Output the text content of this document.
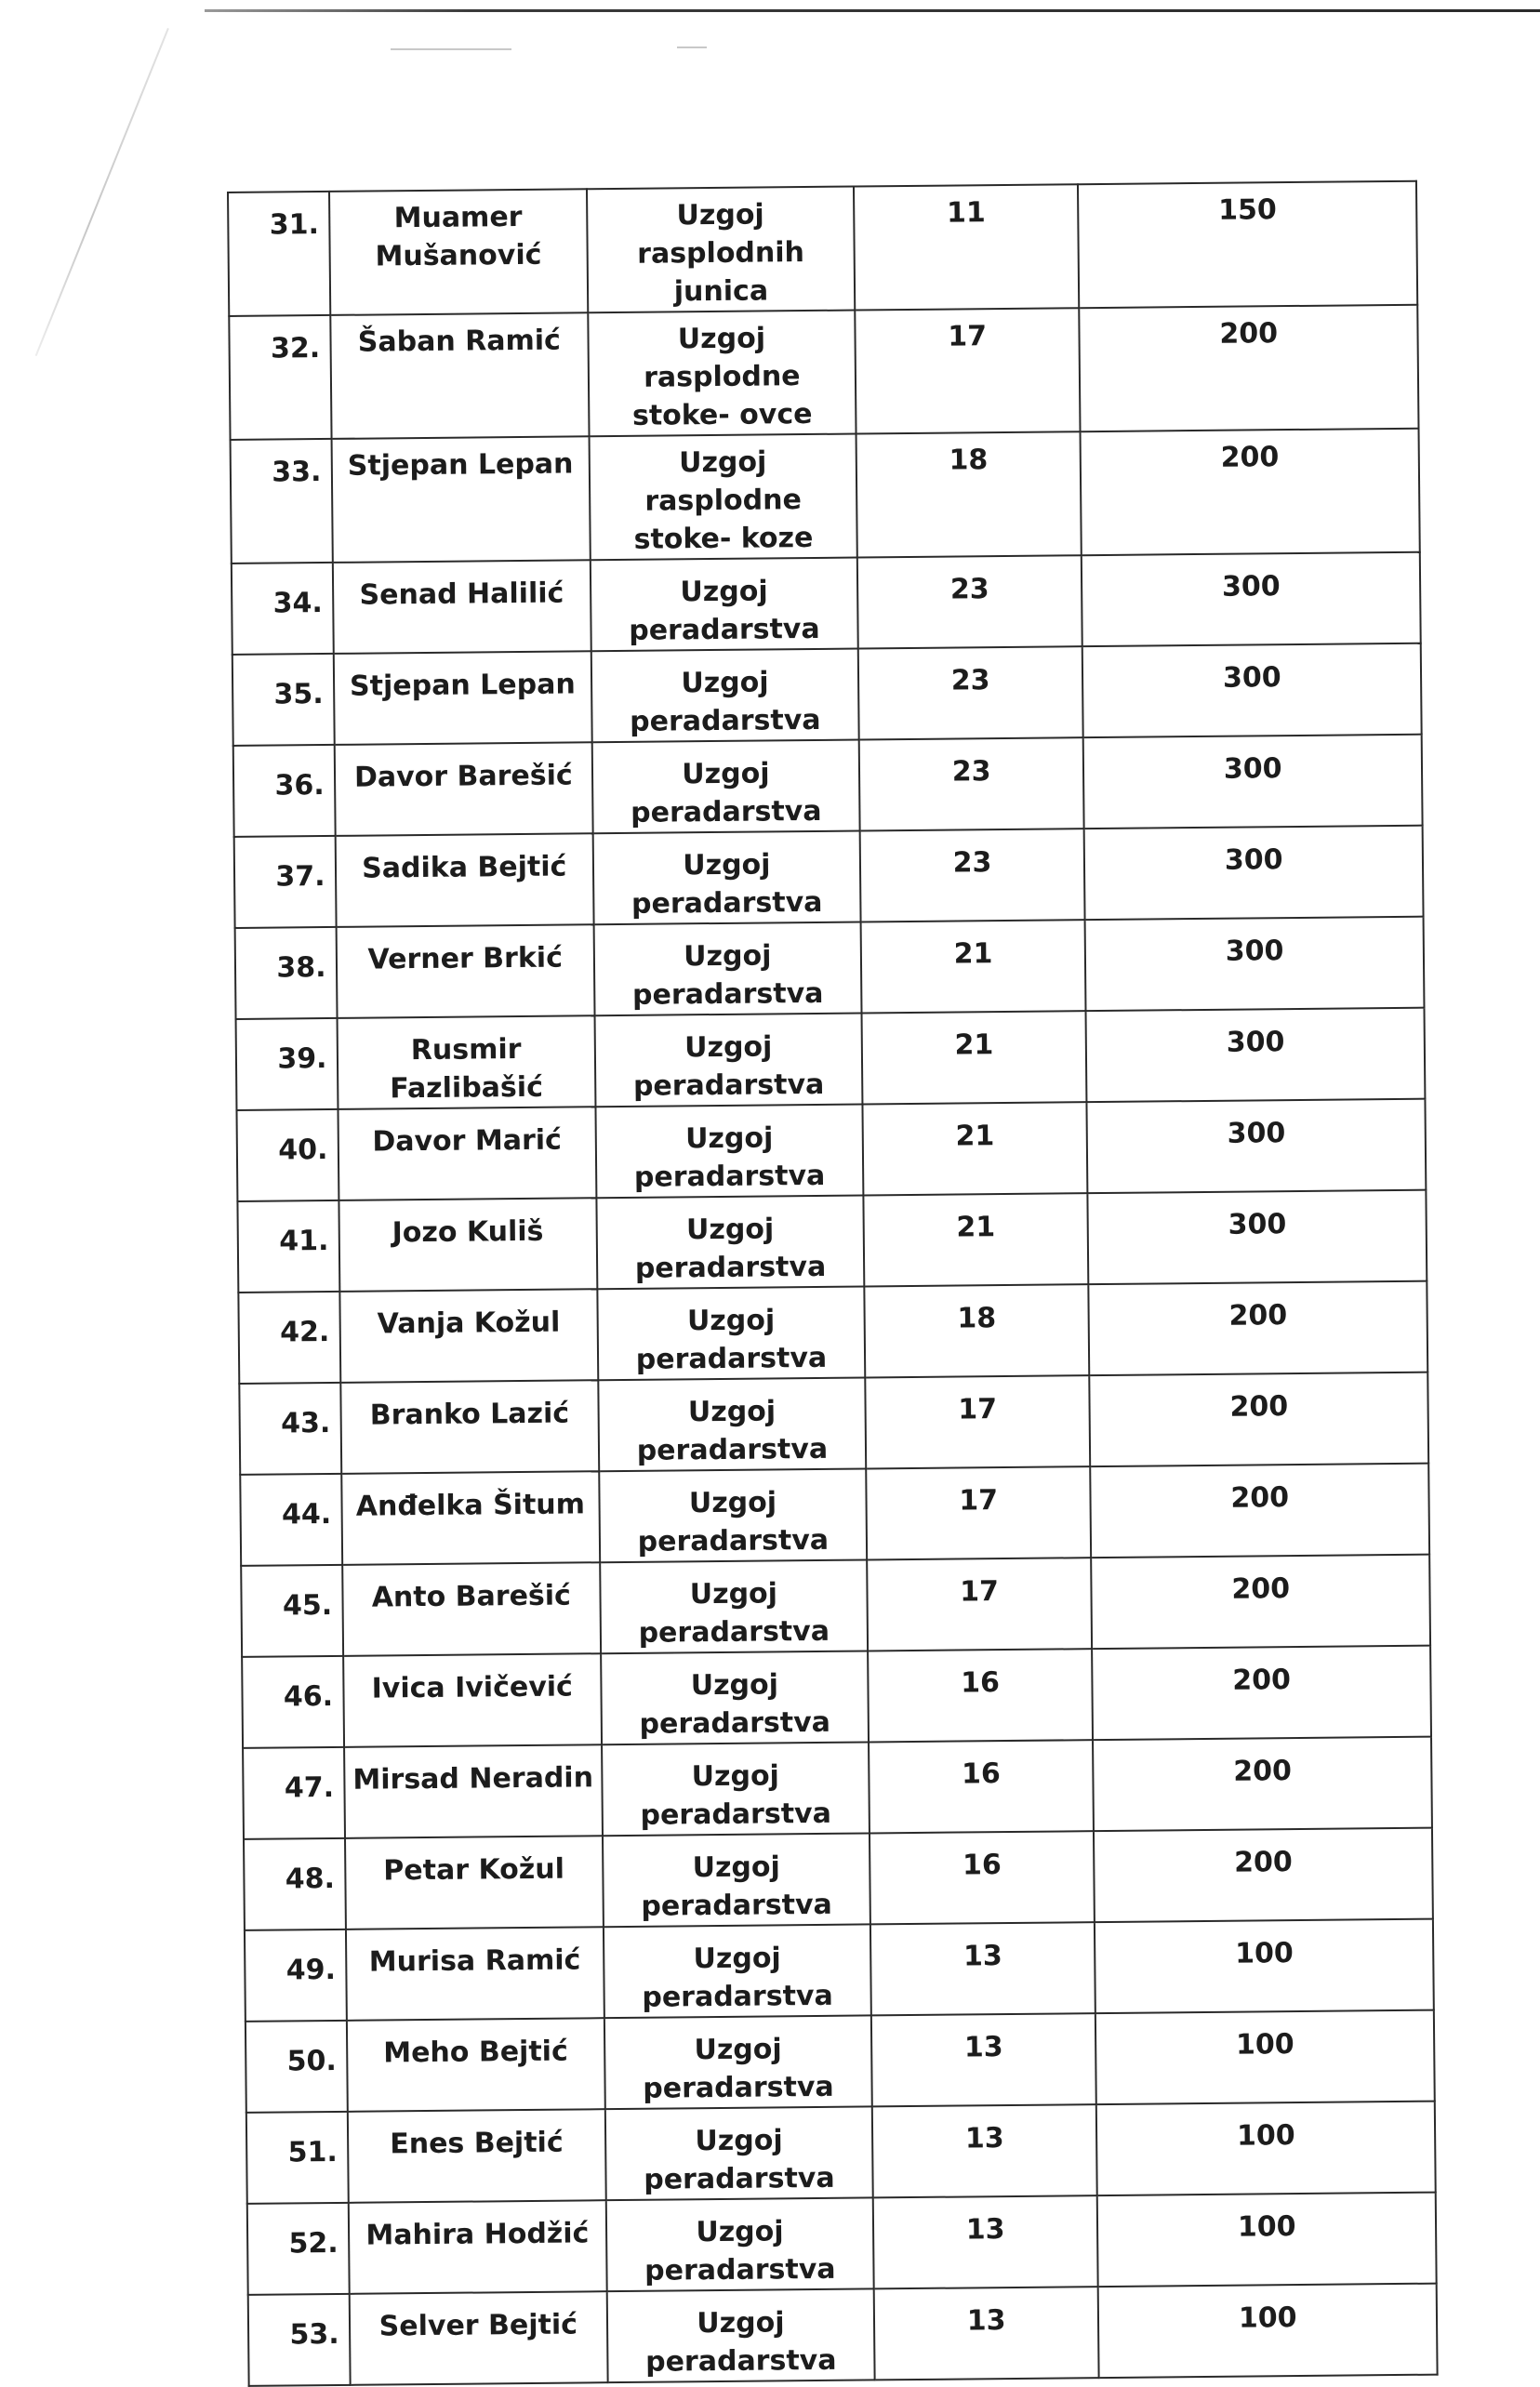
31.	Muamer Mušanović	Uzgoj rasplodnih junica	11	150
32.	Šaban Ramić	Uzgoj rasplodne stoke- ovce	17	200
33.	Stjepan Lepan	Uzgoj rasplodne stoke- koze	18	200
34.	Senad Halilić	Uzgoj peradarstva	23	300
35.	Stjepan Lepan	Uzgoj peradarstva	23	300
36.	Davor Barešić	Uzgoj peradarstva	23	300
37.	Sadika Bejtić	Uzgoj peradarstva	23	300
38.	Verner Brkić	Uzgoj peradarstva	21	300
39.	Rusmir Fazlibašić	Uzgoj peradarstva	21	300
40.	Davor Marić	Uzgoj peradarstva	21	300
41.	Jozo Kuliš	Uzgoj peradarstva	21	300
42.	Vanja Kožul	Uzgoj peradarstva	18	200
43.	Branko Lazić	Uzgoj peradarstva	17	200
44.	Anđelka Šitum	Uzgoj peradarstva	17	200
45.	Anto Barešić	Uzgoj peradarstva	17	200
46.	Ivica Ivičević	Uzgoj peradarstva	16	200
47.	Mirsad Neradin	Uzgoj peradarstva	16	200
48.	Petar Kožul	Uzgoj peradarstva	16	200
49.	Murisa Ramić	Uzgoj peradarstva	13	100
50.	Meho Bejtić	Uzgoj peradarstva	13	100
51.	Enes Bejtić	Uzgoj peradarstva	13	100
52.	Mahira Hodžić	Uzgoj peradarstva	13	100
53.	Selver Bejtić	Uzgoj peradarstva	13	100
